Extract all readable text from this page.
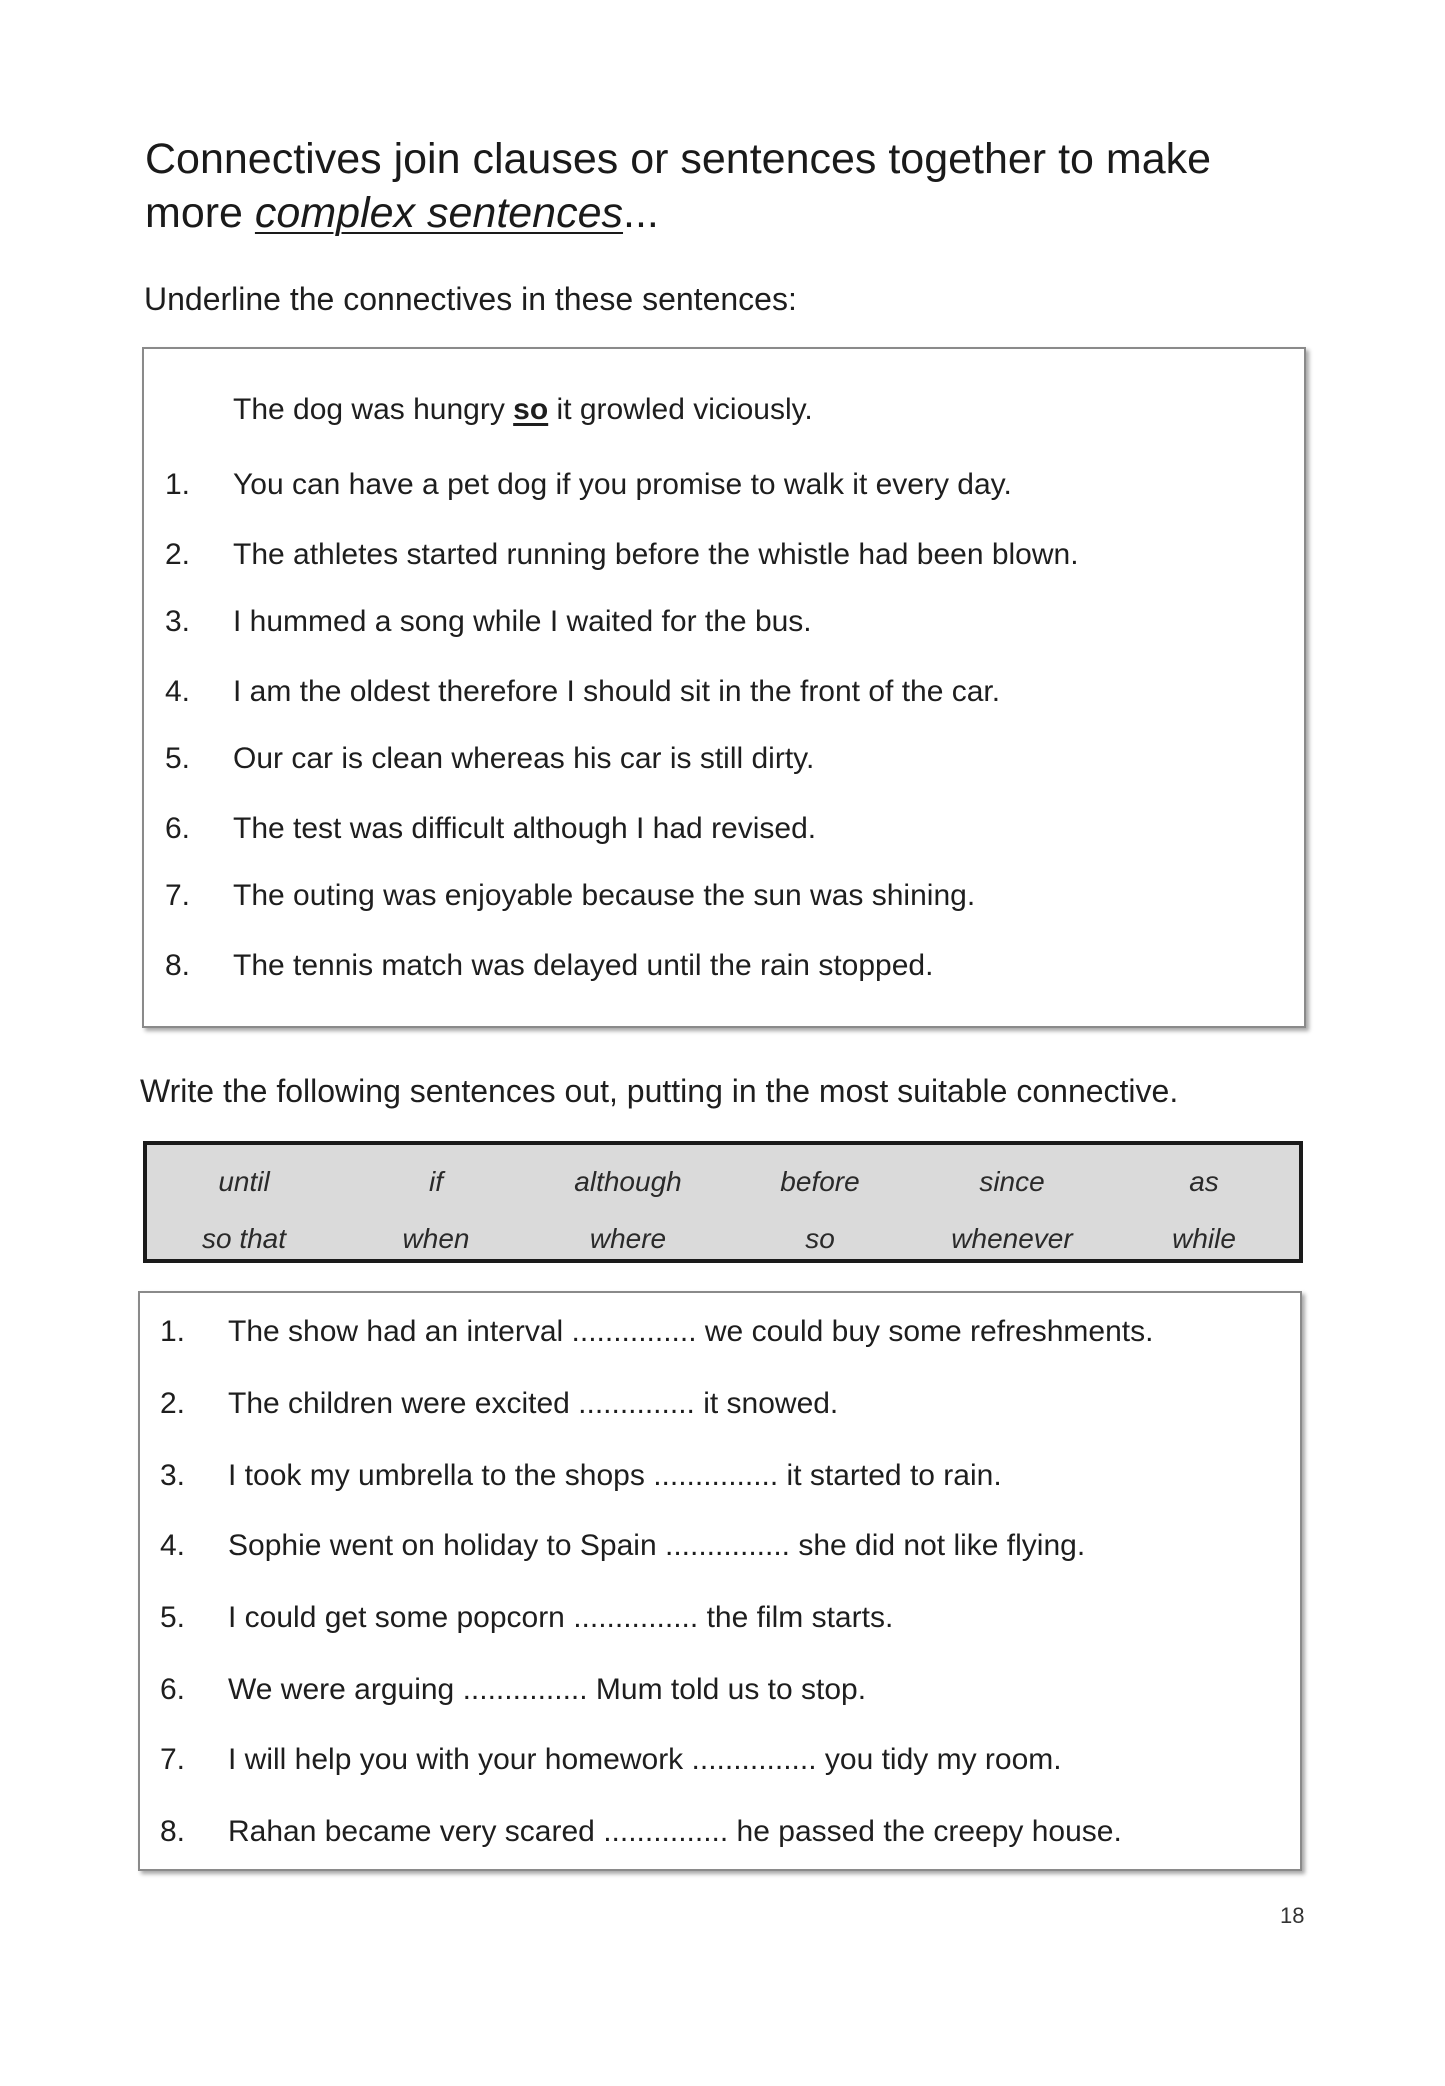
Connectives join clauses or sentences together to make
more complex sentences...

Underline the connectives in these sentences:

The dog was hungry so it growled viciously.
1. You can have a pet dog if you promise to walk it every day.
2. The athletes started running before the whistle had been blown.
3. I hummed a song while I waited for the bus.
4. I am the oldest therefore I should sit in the front of the car.
5. Our car is clean whereas his car is still dirty.
6. The test was difficult although I had revised.
7. The outing was enjoyable because the sun was shining.
8. The tennis match was delayed until the rain stopped.

Write the following sentences out, putting in the most suitable connective.

until	if	although	before	since	as
so that	when	where	so	whenever	while
1. The show had an interval ............... we could buy some refreshments.
2. The children were excited .............. it snowed.
3. I took my umbrella to the shops ............... it started to rain.
4. Sophie went on holiday to Spain ............... she did not like flying.
5. I could get some popcorn ............... the film starts.
6. We were arguing ............... Mum told us to stop.
7. I will help you with your homework ............... you tidy my room.
8. Rahan became very scared ............... he passed the creepy house.
18
